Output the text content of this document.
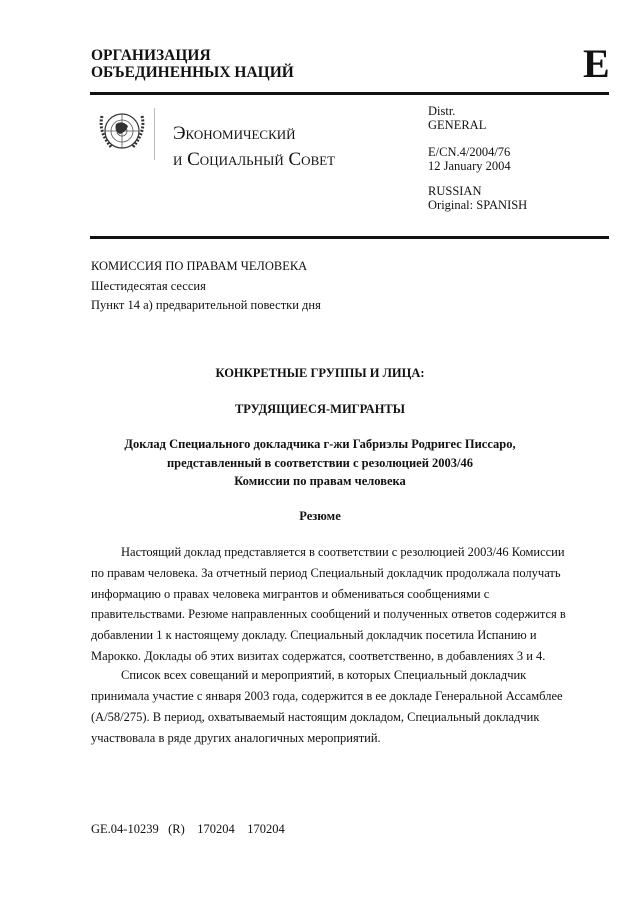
ОРГАНИЗАЦИЯ
ОБЪЕДИНЕННЫХ НАЦИЙ	E
Экономический
и Социальный Совет
Distr.
GENERAL
E/CN.4/2004/76
12 January 2004
RUSSIAN
Original: SPANISH
КОМИССИЯ ПО ПРАВАМ ЧЕЛОВЕКА
Шестидесятая сессия
Пункт 14 а) предварительной повестки дня
КОНКРЕТНЫЕ ГРУППЫ И ЛИЦА:
ТРУДЯЩИЕСЯ-МИГРАНТЫ
Доклад Специального докладчика г-жи Габриэлы Родригес Писсаро,
представленный в соответствии с резолюцией 2003/46
Комиссии по правам человека
Резюме
Настоящий доклад представляется в соответствии с резолюцией 2003/46 Комиссии
по правам человека. За отчетный период Специальный докладчик продолжала получать
информацию о правах человека мигрантов и обмениваться сообщениями с
правительствами. Резюме направленных сообщений и полученных ответов содержится в
добавлении 1 к настоящему докладу. Специальный докладчик посетила Испанию и
Марокко. Доклады об этих визитах содержатся, соответственно, в добавлениях 3 и 4.
Список всех совещаний и мероприятий, в которых Специальный докладчик
принимала участие с января 2003 года, содержится в ее докладе Генеральной Ассамблее
(A/58/275). В период, охватываемый настоящим докладом, Специальный докладчик
участвовала в ряде других аналогичных мероприятий.
GE.04-10239   (R)    170204    170204
